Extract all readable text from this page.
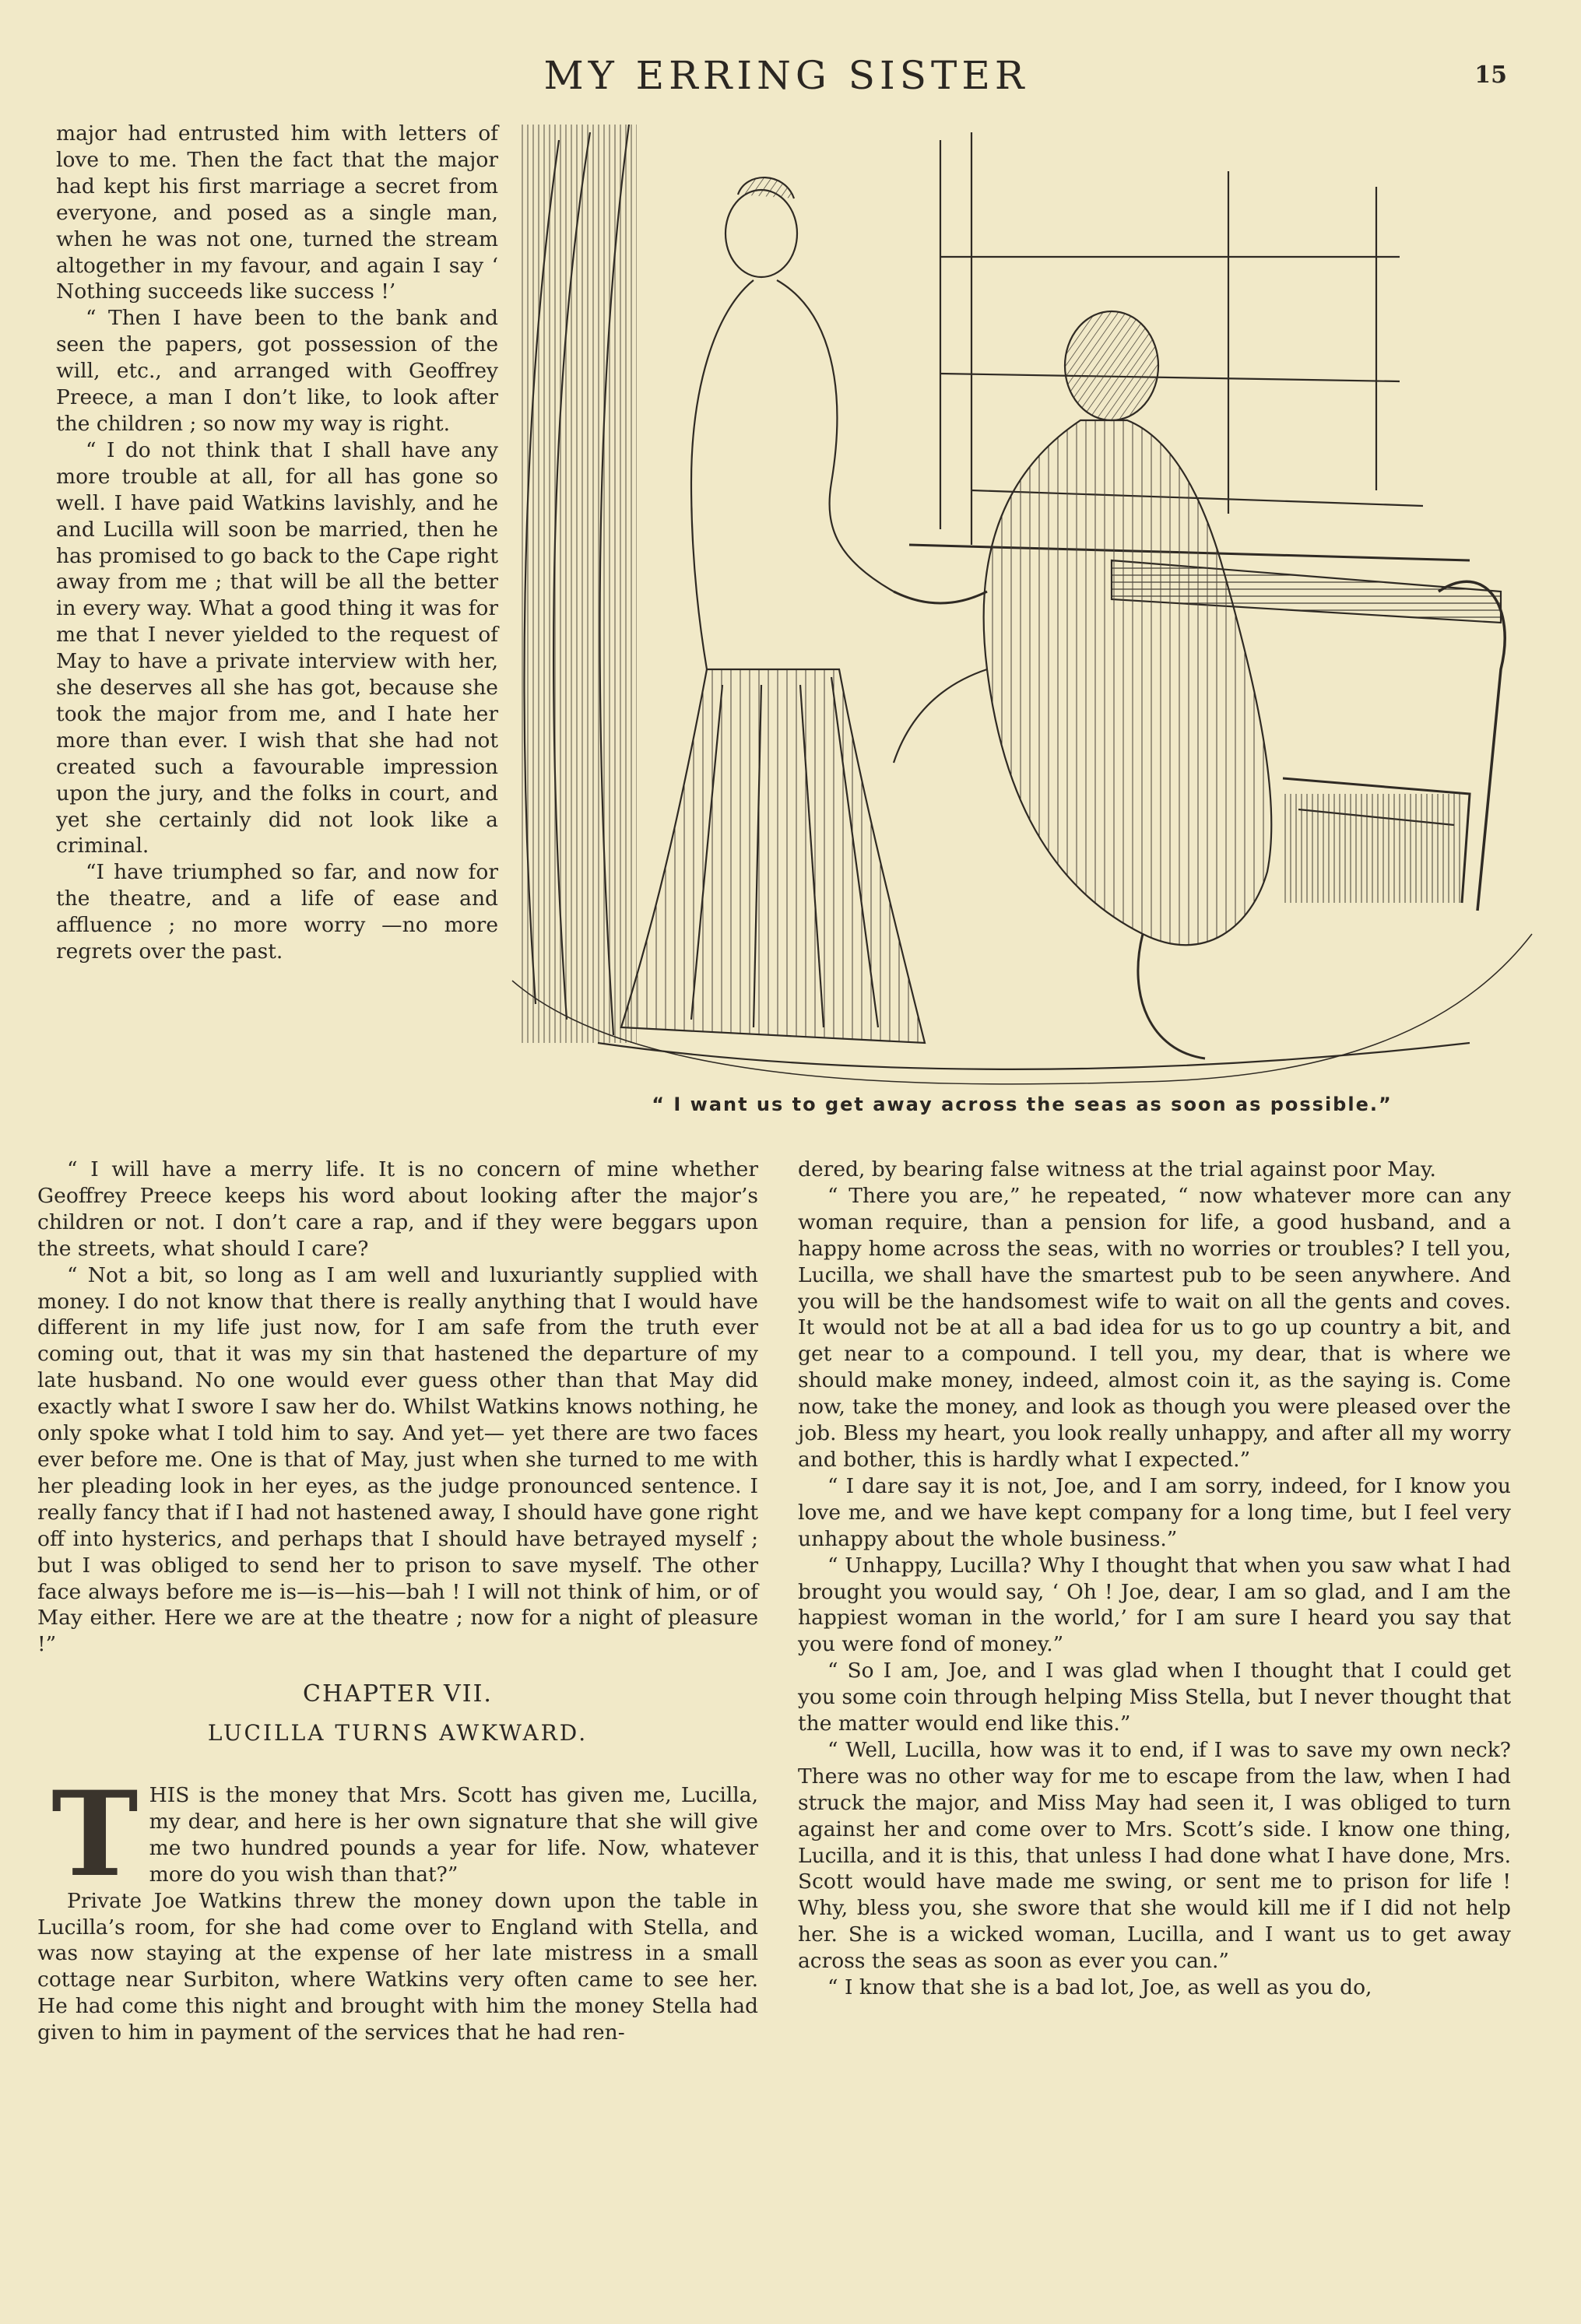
MY ERRING SISTER	15
“ I want us to get away across the seas as soon as possible.”

major had entrusted him with letters of love to me. Then the fact that the major had kept his first marriage a secret from everyone, and posed as a single man, when he was not one, turned the stream altogether in my favour, and again I say ‘ Nothing succeeds like success !’

“ Then I have been to the bank and seen the papers, got possession of the will, etc., and arranged with Geoffrey Preece, a man I don’t like, to look after the children ; so now my way is right.

“ I do not think that I shall have any more trouble at all, for all has gone so well. I have paid Watkins lavishly, and he and Lucilla will soon be married, then he has promised to go back to the Cape right away from me ; that will be all the better in every way. What a good thing it was for me that I never yielded to the request of May to have a private interview with her, she deserves all she has got, because she took the major from me, and I hate her more than ever. I wish that she had not created such a favourable impression upon the jury, and the folks in court, and yet she certainly did not look like a criminal.

“I have triumphed so far, and now for the theatre, and a life of ease and affluence ; no more worry —no more regrets over the past.

“ I will have a merry life. It is no concern of mine whether Geoffrey Preece keeps his word about looking after the major’s children or not. I don’t care a rap, and if they were beggars upon the streets, what should I care?

“ Not a bit, so long as I am well and luxuriantly supplied with money. I do not know that there is really anything that I would have different in my life just now, for I am safe from the truth ever coming out, that it was my sin that hastened the departure of my late husband. No one would ever guess other than that May did exactly what I swore I saw her do. Whilst Watkins knows nothing, he only spoke what I told him to say. And yet— yet there are two faces ever before me. One is that of May, just when she turned to me with her pleading look in her eyes, as the judge pronounced sentence. I really fancy that if I had not hastened away, I should have gone right off into hysterics, and perhaps that I should have betrayed myself ; but I was obliged to send her to prison to save myself. The other face always before me is—is—his—bah ! I will not think of him, or of May either. Here we are at the theatre ; now for a night of pleasure !”

CHAPTER VII.
LUCILLA TURNS AWKWARD.

THIS is the money that Mrs. Scott has given me, Lucilla, my dear, and here is her own signature that she will give me two hundred pounds a year for life. Now, whatever more do you wish than that?”

Private Joe Watkins threw the money down upon the table in Lucilla’s room, for she had come over to England with Stella, and was now staying at the expense of her late mistress in a small cottage near Surbiton, where Watkins very often came to see her. He had come this night and brought with him the money Stella had given to him in payment of the services that he had ren-

dered, by bearing false witness at the trial against poor May.

“ There you are,” he repeated, “ now whatever more can any woman require, than a pension for life, a good husband, and a happy home across the seas, with no worries or troubles? I tell you, Lucilla, we shall have the smartest pub to be seen anywhere. And you will be the handsomest wife to wait on all the gents and coves. It would not be at all a bad idea for us to go up country a bit, and get near to a compound. I tell you, my dear, that is where we should make money, indeed, almost coin it, as the saying is. Come now, take the money, and look as though you were pleased over the job. Bless my heart, you look really unhappy, and after all my worry and bother, this is hardly what I expected.”

“ I dare say it is not, Joe, and I am sorry, indeed, for I know you love me, and we have kept company for a long time, but I feel very unhappy about the whole business.”

“ Unhappy, Lucilla? Why I thought that when you saw what I had brought you would say, ‘ Oh ! Joe, dear, I am so glad, and I am the happiest woman in the world,’ for I am sure I heard you say that you were fond of money.”

“ So I am, Joe, and I was glad when I thought that I could get you some coin through helping Miss Stella, but I never thought that the matter would end like this.”

“ Well, Lucilla, how was it to end, if I was to save my own neck? There was no other way for me to escape from the law, when I had struck the major, and Miss May had seen it, I was obliged to turn against her and come over to Mrs. Scott’s side. I know one thing, Lucilla, and it is this, that unless I had done what I have done, Mrs. Scott would have made me swing, or sent me to prison for life ! Why, bless you, she swore that she would kill me if I did not help her. She is a wicked woman, Lucilla, and I want us to get away across the seas as soon as ever you can.”

“ I know that she is a bad lot, Joe, as well as you do,
